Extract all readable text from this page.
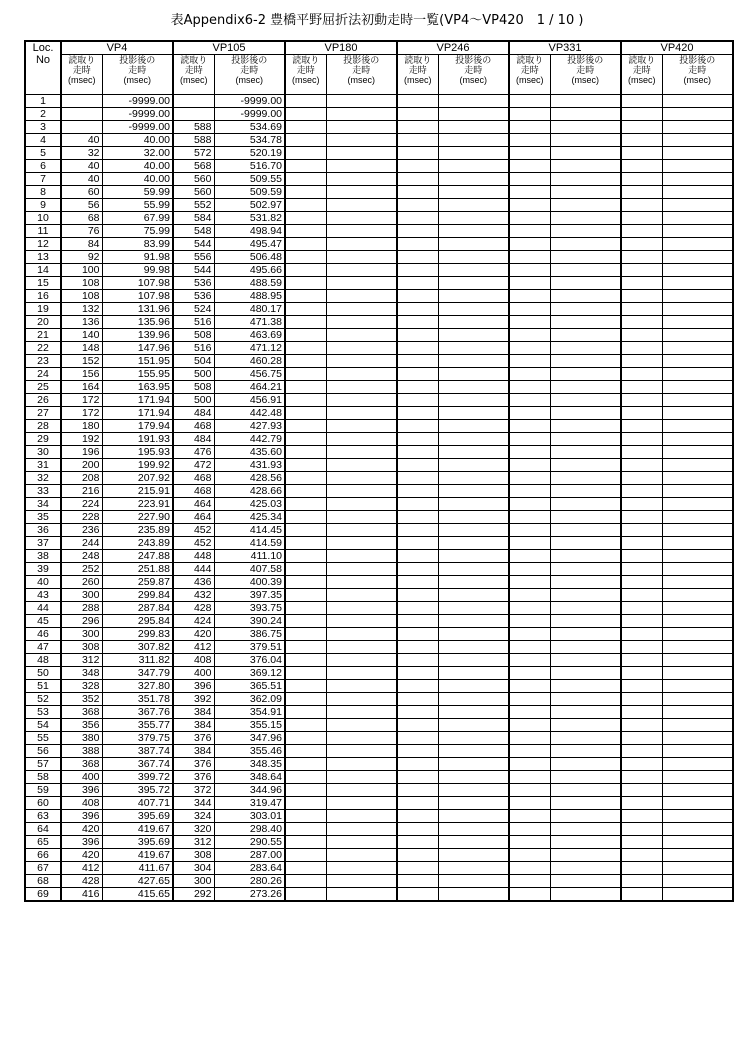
表Appendix6-2 豊橋平野屈折法初動走時一覧(VP4～VP420　1 / 10 )
Loc.
No	VP4		VP105		VP180		VP246		VP331		VP420	

	読取り
走時
(msec)	投影後の
走時
(msec)	読取り
走時
(msec)	投影後の
走時
(msec)	読取り
走時
(msec)	投影後の
走時
(msec)	読取り
走時
(msec)	投影後の
走時
(msec)	読取り
走時
(msec)	投影後の
走時
(msec)	読取り
走時
(msec)	投影後の
走時
(msec)

1		-9999.00		-9999.00								
2		-9999.00		-9999.00								
3		-9999.00	588	534.69								
4	40	40.00	588	534.78								
5	32	32.00	572	520.19								
6	40	40.00	568	516.70								
7	40	40.00	560	509.55								
8	60	59.99	560	509.59								
9	56	55.99	552	502.97								
10	68	67.99	584	531.82								
11	76	75.99	548	498.94								
12	84	83.99	544	495.47								
13	92	91.98	556	506.48								
14	100	99.98	544	495.66								
15	108	107.98	536	488.59								
16	108	107.98	536	488.95								
19	132	131.96	524	480.17								
20	136	135.96	516	471.38								
21	140	139.96	508	463.69								
22	148	147.96	516	471.12								
23	152	151.95	504	460.28								
24	156	155.95	500	456.75								
25	164	163.95	508	464.21								
26	172	171.94	500	456.91								
27	172	171.94	484	442.48								
28	180	179.94	468	427.93								
29	192	191.93	484	442.79								
30	196	195.93	476	435.60								
31	200	199.92	472	431.93								
32	208	207.92	468	428.56								
33	216	215.91	468	428.66								
34	224	223.91	464	425.03								
35	228	227.90	464	425.34								
36	236	235.89	452	414.45								
37	244	243.89	452	414.59								
38	248	247.88	448	411.10								
39	252	251.88	444	407.58								
40	260	259.87	436	400.39								
43	300	299.84	432	397.35								
44	288	287.84	428	393.75								
45	296	295.84	424	390.24								
46	300	299.83	420	386.75								
47	308	307.82	412	379.51								
48	312	311.82	408	376.04								
50	348	347.79	400	369.12								
51	328	327.80	396	365.51								
52	352	351.78	392	362.09								
53	368	367.76	384	354.91								
54	356	355.77	384	355.15								
55	380	379.75	376	347.96								
56	388	387.74	384	355.46								
57	368	367.74	376	348.35								
58	400	399.72	376	348.64								
59	396	395.72	372	344.96								
60	408	407.71	344	319.47								
63	396	395.69	324	303.01								
64	420	419.67	320	298.40								
65	396	395.69	312	290.55								
66	420	419.67	308	287.00								
67	412	411.67	304	283.64								
68	428	427.65	300	280.26								
69	416	415.65	292	273.26								
